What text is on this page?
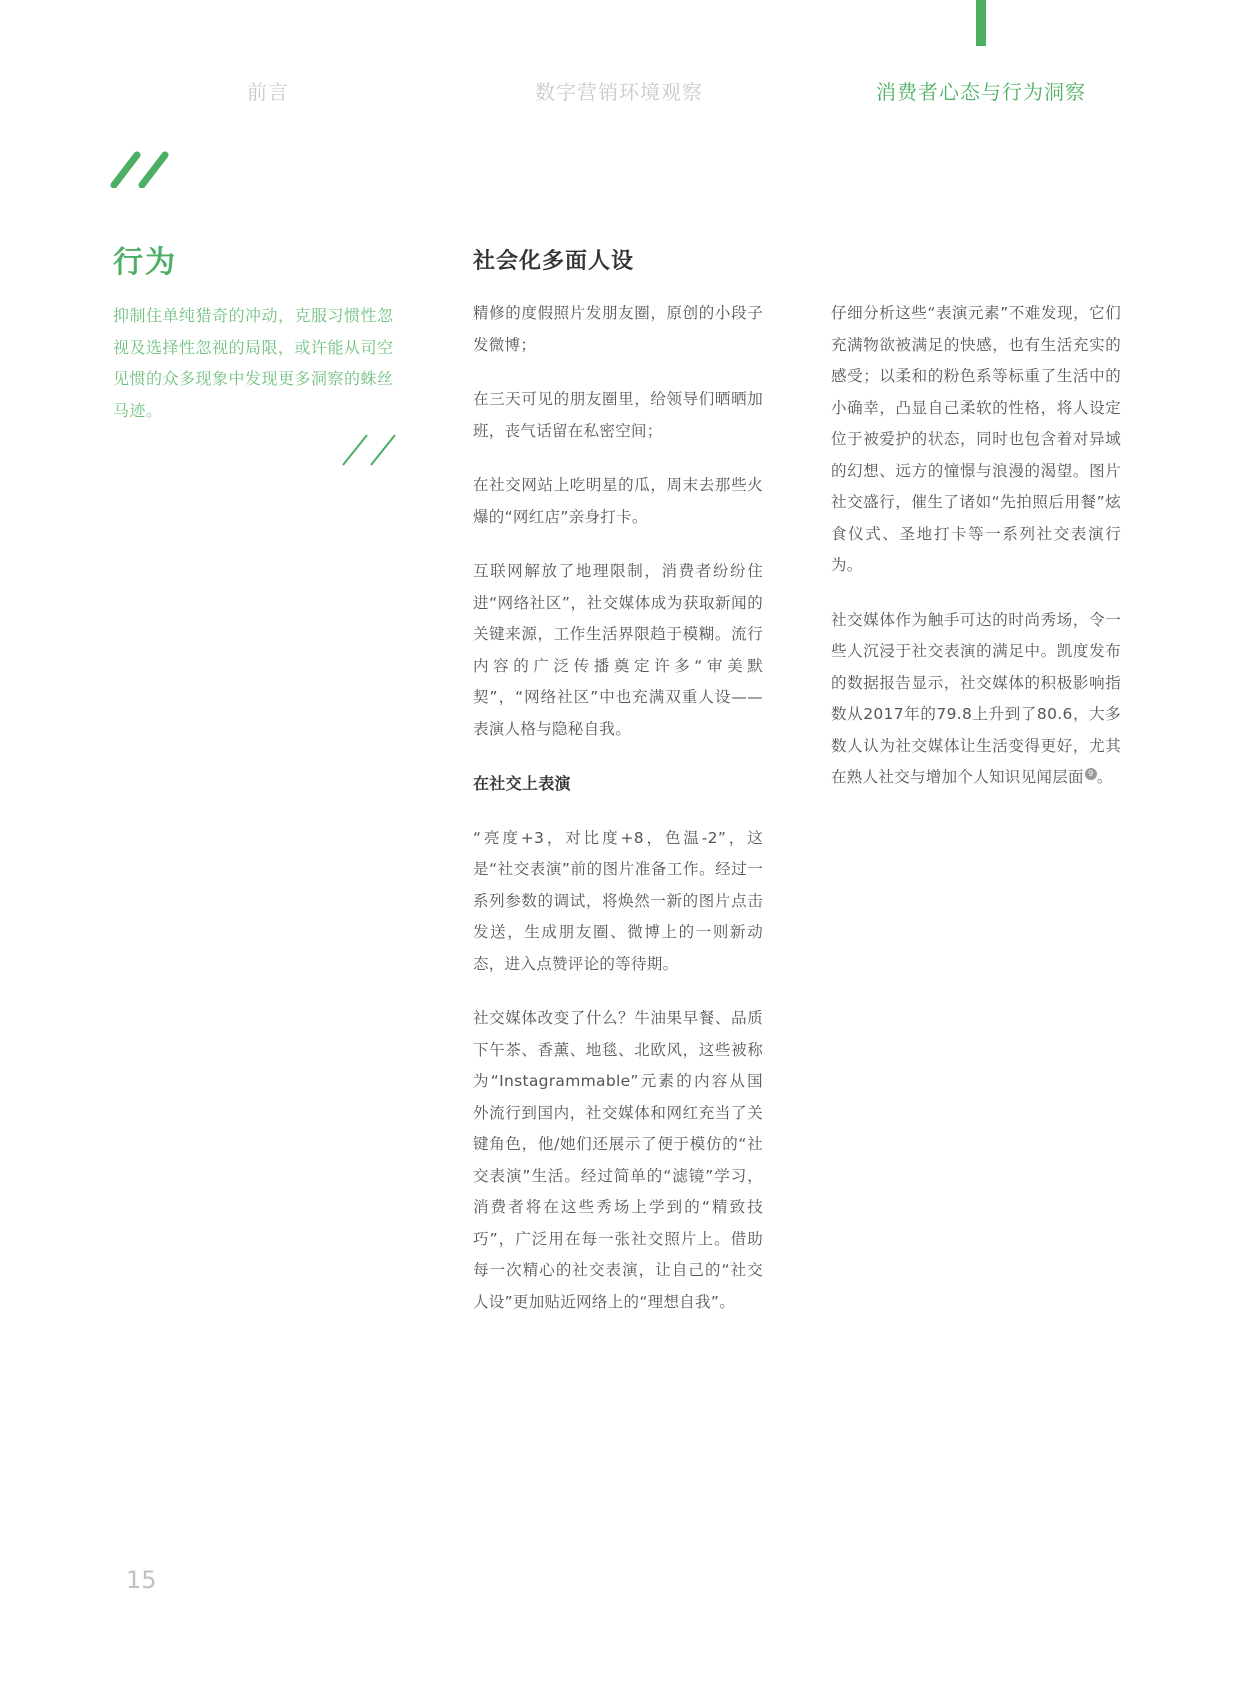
前言	数字营销环境观察	消费者心态与行为洞察
行为
抑制住单纯猎奇的冲动，克服习惯性忽视及选择性忽视的局限，或许能从司空见惯的众多现象中发现更多洞察的蛛丝马迹。
社会化多面人设

精修的度假照片发朋友圈，原创的小段子发微博；

在三天可见的朋友圈里，给领导们晒晒加班，丧气话留在私密空间；

在社交网站上吃明星的瓜，周末去那些火爆的“网红店”亲身打卡。

互联网解放了地理限制，消费者纷纷住进“网络社区”，社交媒体成为获取新闻的关键来源，工作生活界限趋于模糊。流行内容的广泛传播奠定许多“审美默契”，“网络社区”中也充满双重人设——表演人格与隐秘自我。

在社交上表演

“亮度+3，对比度+8，色温-2”，这是“社交表演”前的图片准备工作。经过一系列参数的调试，将焕然一新的图片点击发送，生成朋友圈、微博上的一则新动态，进入点赞评论的等待期。

社交媒体改变了什么？牛油果早餐、品质下午茶、香薰、地毯、北欧风，这些被称为“Instagrammable”元素的内容从国外流行到国内，社交媒体和网红充当了关键角色，他/她们还展示了便于模仿的“社交表演”生活。经过简单的“滤镜”学习，消费者将在这些秀场上学到的“精致技巧”，广泛用在每一张社交照片上。借助每一次精心的社交表演，让自己的“社交人设”更加贴近网络上的“理想自我”。

仔细分析这些“表演元素”不难发现，它们充满物欲被满足的快感，也有生活充实的感受；以柔和的粉色系等标重了生活中的小确幸，凸显自己柔软的性格，将人设定位于被爱护的状态，同时也包含着对异域的幻想、远方的憧憬与浪漫的渴望。图片社交盛行，催生了诸如“先拍照后用餐”炫食仪式、圣地打卡等一系列社交表演行为。

社交媒体作为触手可达的时尚秀场，令一些人沉浸于社交表演的满足中。凯度发布的数据报告显示，社交媒体的积极影响指数从2017年的79.8上升到了80.6，大多数人认为社交媒体让生活变得更好，尤其在熟人社交与增加个人知识见闻层面 9 。

15
